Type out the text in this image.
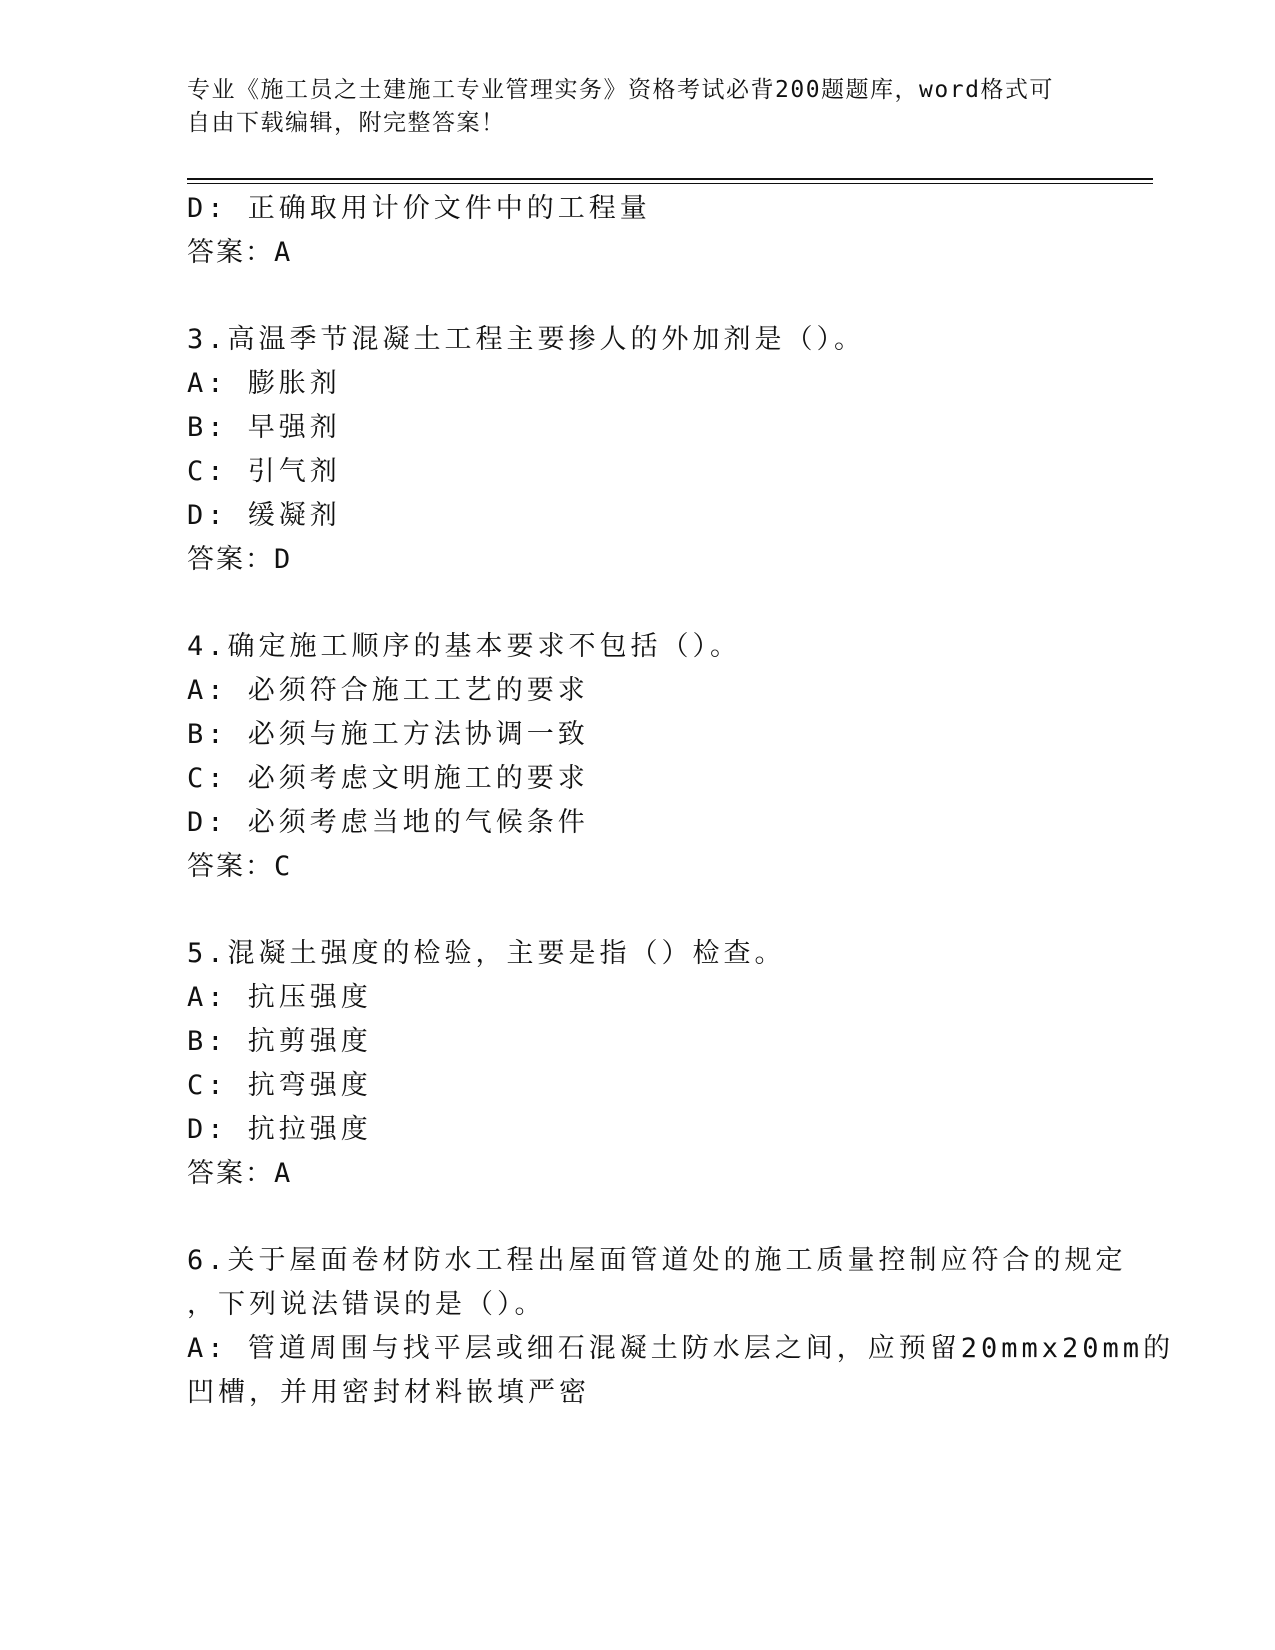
专业《施工员之土建施工专业管理实务》资格考试必背200题题库，word格式可
自由下载编辑，附完整答案！
D: 正确取用计价文件中的工程量
答案：A
3.高温季节混凝土工程主要掺人的外加剂是（）。
A: 膨胀剂
B: 早强剂
C: 引气剂
D: 缓凝剂
答案：D
4.确定施工顺序的基本要求不包括（）。
A: 必须符合施工工艺的要求
B: 必须与施工方法协调一致
C: 必须考虑文明施工的要求
D: 必须考虑当地的气候条件
答案：C
5.混凝土强度的检验，主要是指（）检查。
A: 抗压强度
B: 抗剪强度
C: 抗弯强度
D: 抗拉强度
答案：A
6.关于屋面卷材防水工程出屋面管道处的施工质量控制应符合的规定
，下列说法错误的是（）。
A: 管道周围与找平层或细石混凝土防水层之间，应预留20mmx20mm的
凹槽，并用密封材料嵌填严密
